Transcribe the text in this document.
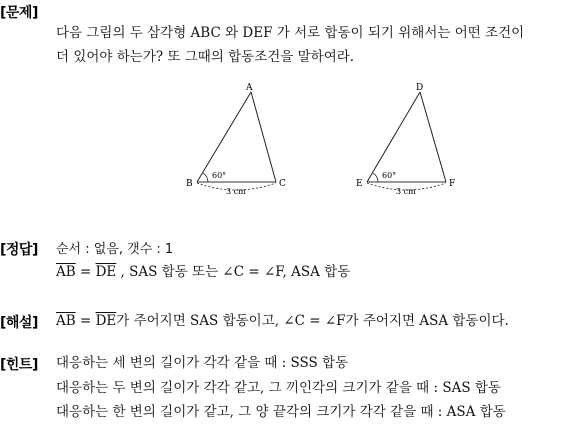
[문제]
다음 그림의 두 삼각형 ABC 와 DEF 가 서로 합동이 되기 위해서는 어떤 조건이
더 있어야 하는가? 또 그때의 합동조건을 말하여라.
A
B	C
60°
3 cm
D
E	F
60°
3 cm
[정답] 순서 : 없음, 갯수 : 1
$\overline{AB} = \overline{DE}$ , SAS 합동 또는 ∠C = ∠F, ASA 합동
[해설] $\overline{AB} = \overline{DE}$가 주어지면 SAS 합동이고, ∠C = ∠F가 주어지면 ASA 합동이다.
[힌트] 대응하는 세 변의 길이가 각각 같을 때 : SSS 합동
대응하는 두 변의 길이가 각각 같고, 그 끼인각의 크기가 같을 때 : SAS 합동
대응하는 한 변의 길이가 같고, 그 양 끝각의 크기가 각각 같을 때 : ASA 합동
